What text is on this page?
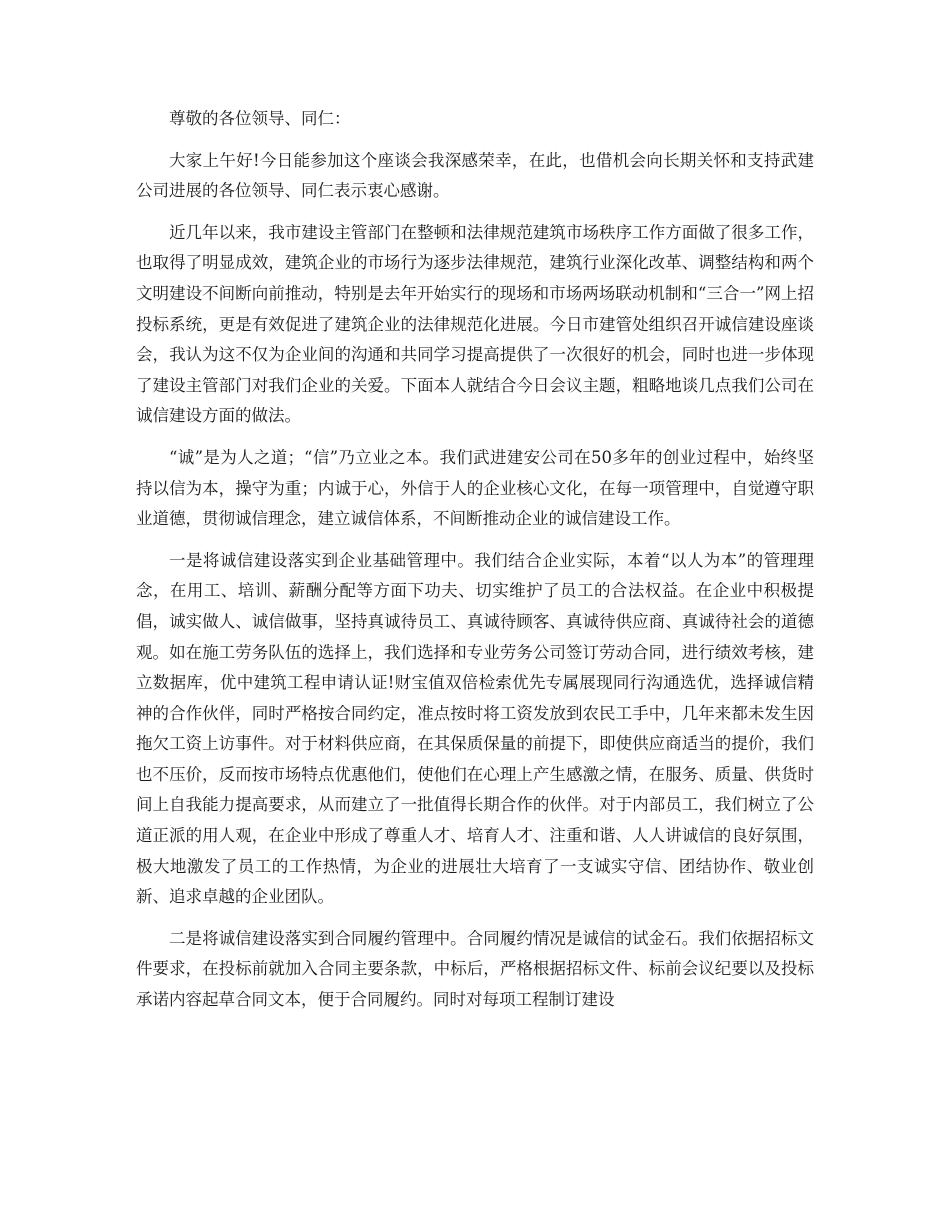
尊敬的各位领导、同仁：

大家上午好!今日能参加这个座谈会我深感荣幸，在此，也借机会向长期关怀和支持武建公司进展的各位领导、同仁表示衷心感谢。

近几年以来，我市建设主管部门在整顿和法律规范建筑市场秩序工作方面做了很多工作，也取得了明显成效，建筑企业的市场行为逐步法律规范，建筑行业深化改革、调整结构和两个文明建设不间断向前推动，特别是去年开始实行的现场和市场两场联动机制和“三合一”网上招投标系统，更是有效促进了建筑企业的法律规范化进展。今日市建管处组织召开诚信建设座谈会，我认为这不仅为企业间的沟通和共同学习提高提供了一次很好的机会，同时也进一步体现了建设主管部门对我们企业的关爱。下面本人就结合今日会议主题，粗略地谈几点我们公司在诚信建设方面的做法。

“诚”是为人之道；“信”乃立业之本。我们武进建安公司在50多年的创业过程中，始终坚持以信为本，操守为重；内诚于心，外信于人的企业核心文化，在每一项管理中，自觉遵守职业道德，贯彻诚信理念，建立诚信体系，不间断推动企业的诚信建设工作。

一是将诚信建设落实到企业基础管理中。我们结合企业实际，本着“以人为本”的管理理念，在用工、培训、薪酬分配等方面下功夫、切实维护了员工的合法权益。在企业中积极提倡，诚实做人、诚信做事，坚持真诚待员工、真诚待顾客、真诚待供应商、真诚待社会的道德观。如在施工劳务队伍的选择上，我们选择和专业劳务公司签订劳动合同，进行绩效考核，建立数据库，优中建筑工程申请认证!财宝值双倍检索优先专属展现同行沟通选优，选择诚信精神的合作伙伴，同时严格按合同约定，准点按时将工资发放到农民工手中，几年来都未发生因拖欠工资上访事件。对于材料供应商，在其保质保量的前提下，即使供应商适当的提价，我们也不压价，反而按市场特点优惠他们，使他们在心理上产生感激之情，在服务、质量、供货时间上自我能力提高要求，从而建立了一批值得长期合作的伙伴。对于内部员工，我们树立了公道正派的用人观，在企业中形成了尊重人才、培育人才、注重和谐、人人讲诚信的良好氛围，极大地激发了员工的工作热情，为企业的进展壮大培育了一支诚实守信、团结协作、敬业创新、追求卓越的企业团队。

二是将诚信建设落实到合同履约管理中。合同履约情况是诚信的试金石。我们依据招标文件要求，在投标前就加入合同主要条款，中标后，严格根据招标文件、标前会议纪要以及投标承诺内容起草合同文本，便于合同履约。同时对每项工程制订建设
